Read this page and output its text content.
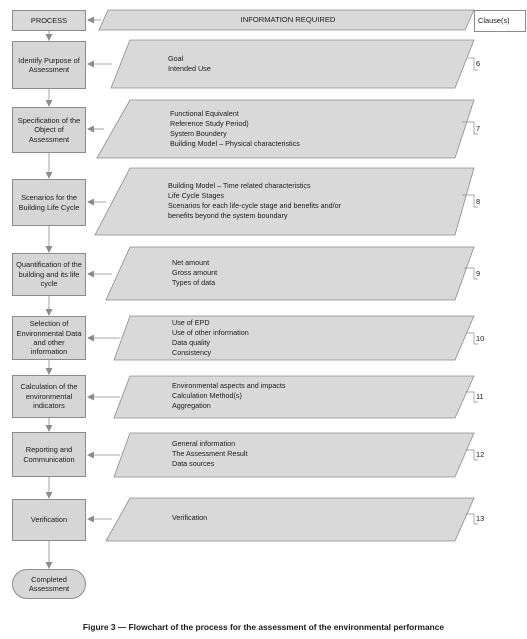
PROCESS	INFORMATION REQUIRED	Clause(s)
Identify Purpose of Assessment
Specification of the Object of Assessment
Scenarios for the Building Life Cycle
Quantification of the building and its life cycle
Selection of Environmental Data and other information
Calculation of the environmental indicators
Reporting and Communication
Verification
Completed Assessment
Goal
Intended Use
Functional Equivalent
Reference Study Period)
System Boundery
Building Model – Physical characteristics
Building Model – Time related characteristics
Life Cycle Stages
Scenarios for each life-cycle stage and benefits and/or
benefits beyond the system boundary
Net amount
Gross amount
Types of data
Use of EPD
Use of other information
Data quality
Consistency
Environmental aspects and impacts
Calculation Method(s)
Aggregation
General information
The Assessment Result
Data sources
Verification
6
7
8
9
10
11
12
13
Figure 3 — Flowchart of the process for the assessment of the environmental performance
